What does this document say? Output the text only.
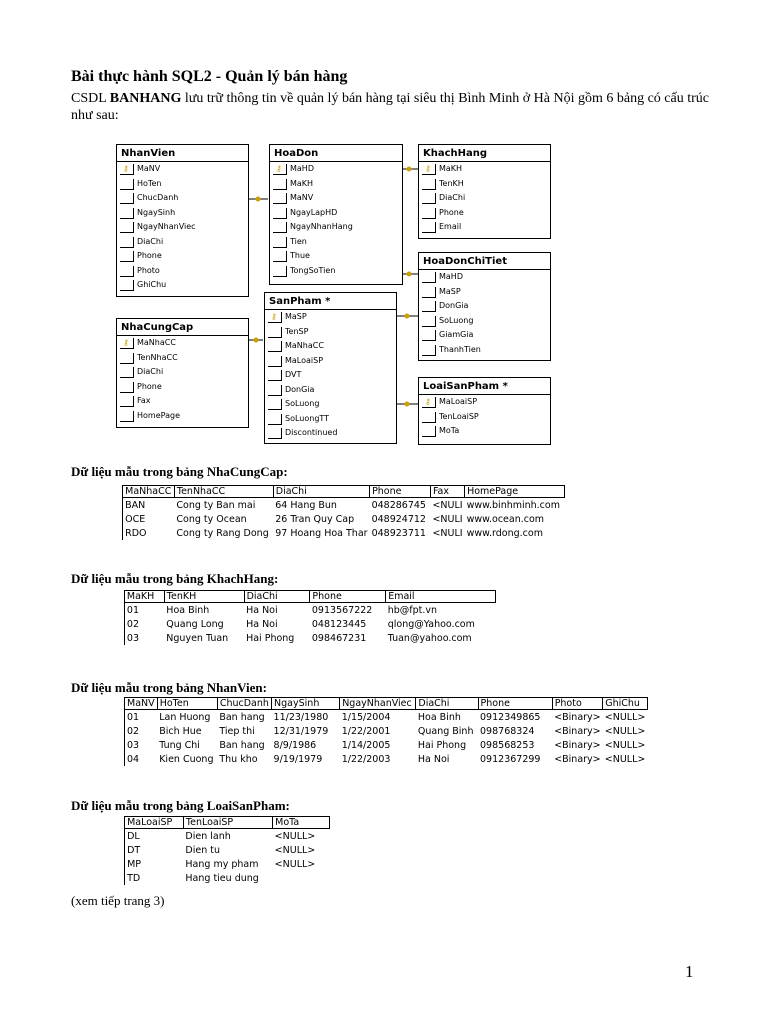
Bài thực hành SQL2 - Quản lý bán hàng
CSDL BANHANG lưu trữ thông tin về quản lý bán hàng tại siêu thị Bình Minh ở Hà Nội gồm 6 bảng có cấu trúc như sau:
NhanVien
⚷ MaNV
HoTen
ChucDanh
NgaySinh
NgayNhanViec
DiaChi
Phone
Photo
GhiChu
HoaDon
⚷ MaHD
MaKH
MaNV
NgayLapHD
NgayNhanHang
Tien
Thue
TongSoTien
KhachHang
⚷ MaKH
TenKH
DiaChi
Phone
Email
HoaDonChiTiet
MaHD
MaSP
DonGia
SoLuong
GiamGia
ThanhTien
NhaCungCap
⚷ MaNhaCC
TenNhaCC
DiaChi
Phone
Fax
HomePage
SanPham *
⚷ MaSP
TenSP
MaNhaCC
MaLoaiSP
DVT
DonGia
SoLuong
SoLuongTT
Discontinued
LoaiSanPham *
⚷ MaLoaiSP
TenLoaiSP
MoTa
Dữ liệu mẫu trong bảng NhaCungCap:
	MaNhaCC	TenNhaCC	DiaChi	Phone	Fax	HomePage
	BAN	Cong ty Ban mai	64 Hang Bun	048286745	<NULI	www.binhminh.com
	OCE	Cong ty Ocean	26 Tran Quy Cap	048924712	<NULI	www.ocean.com
	RDO	Cong ty Rang Dong	97 Hoang Hoa Thar	048923711	<NULI	www.rdong.com
Dữ liệu mẫu trong bảng KhachHang:
	MaKH	TenKH	DiaChi	Phone	Email
	01	Hoa Binh	Ha Noi	0913567222	hb@fpt.vn
	02	Quang Long	Ha Noi	048123445	qlong@Yahoo.com
	03	Nguyen Tuan	Hai Phong	098467231	Tuan@yahoo.com
Dữ liệu mẫu trong bảng NhanVien:
	MaNV	HoTen	ChucDanh	NgaySinh	NgayNhanViec	DiaChi	Phone	Photo	GhiChu
	01	Lan Huong	Ban hang	11/23/1980	1/15/2004	Hoa Binh	0912349865	<Binary>	<NULL>
	02	Bich Hue	Tiep thi	12/31/1979	1/22/2001	Quang Binh	098768324	<Binary>	<NULL>
	03	Tung Chi	Ban hang	8/9/1986	1/14/2005	Hai Phong	098568253	<Binary>	<NULL>
	04	Kien Cuong	Thu kho	9/19/1979	1/22/2003	Ha Noi	0912367299	<Binary>	<NULL>
Dữ liệu mẫu trong bảng LoaiSanPham:
	MaLoaiSP	TenLoaiSP	MoTa
	DL	Dien lanh	<NULL>
	DT	Dien tu	<NULL>
	MP	Hang my pham	<NULL>
	TD	Hang tieu dung	
(xem tiếp trang 3)
1
